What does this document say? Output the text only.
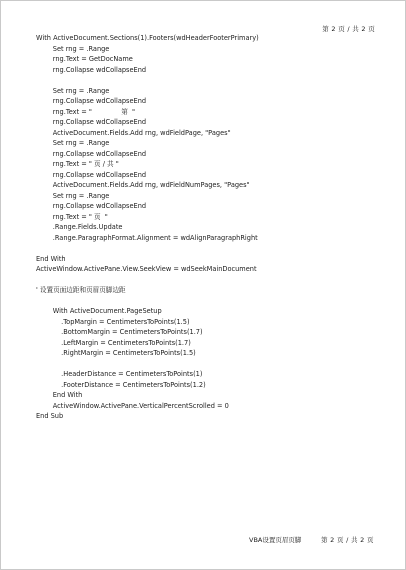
第 2 页 / 共 2 页
With ActiveDocument.Sections(1).Footers(wdHeaderFooterPrimary)
Set rng = .Range
rng.Text = GetDocName
rng.Collapse wdCollapseEnd
Set rng = .Range
rng.Collapse wdCollapseEnd
rng.Text = "              第  "
rng.Collapse wdCollapseEnd
ActiveDocument.Fields.Add rng, wdFieldPage, "Pages"
Set rng = .Range
rng.Collapse wdCollapseEnd
rng.Text = " 页 / 共 "
rng.Collapse wdCollapseEnd
ActiveDocument.Fields.Add rng, wdFieldNumPages, "Pages"
Set rng = .Range
rng.Collapse wdCollapseEnd
rng.Text = " 页  "
.Range.Fields.Update
.Range.ParagraphFormat.Alignment = wdAlignParagraphRight
End With
ActiveWindow.ActivePane.View.SeekView = wdSeekMainDocument
' 设置页面边距和页眉页脚边距
With ActiveDocument.PageSetup
.TopMargin = CentimetersToPoints(1.5)
.BottomMargin = CentimetersToPoints(1.7)
.LeftMargin = CentimetersToPoints(1.7)
.RightMargin = CentimetersToPoints(1.5)
.HeaderDistance = CentimetersToPoints(1)
.FooterDistance = CentimetersToPoints(1.2)
End With
ActiveWindow.ActivePane.VerticalPercentScrolled = 0
End Sub
VBA设置页眉页脚	第 2 页 / 共 2 页
